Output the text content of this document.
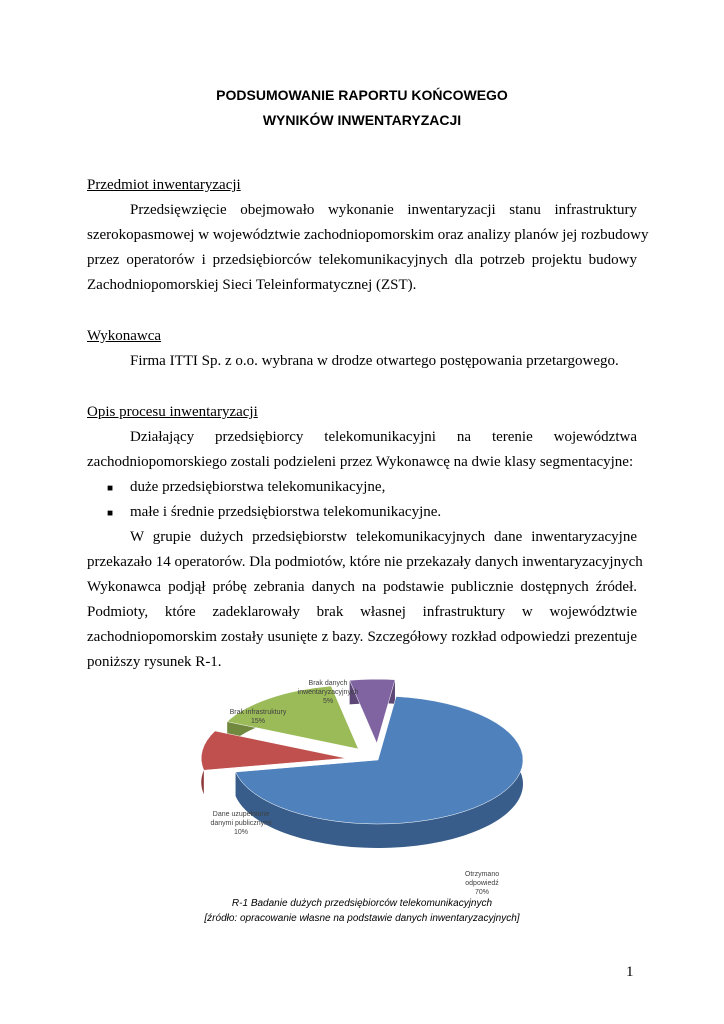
PODSUMOWANIE RAPORTU KOŃCOWEGO
WYNIKÓW INWENTARYZACJI
Przedmiot inwentaryzacji
Przedsięwzięcie obejmowało wykonanie inwentaryzacji stanu infrastruktury
szerokopasmowej w województwie zachodniopomorskim oraz analizy planów jej rozbudowy
przez operatorów i przedsiębiorców telekomunikacyjnych dla potrzeb projektu budowy
Zachodniopomorskiej Sieci Teleinformatycznej (ZST).
Wykonawca
Firma ITTI Sp. z o.o. wybrana w drodze otwartego postępowania przetargowego.
Opis procesu inwentaryzacji
Działający przedsiębiorcy telekomunikacyjni na terenie województwa
zachodniopomorskiego zostali podzieleni przez Wykonawcę na dwie klasy segmentacyjne:
■ duże przedsiębiorstwa telekomunikacyjne,
■ małe i średnie przedsiębiorstwa telekomunikacyjne.
W grupie dużych przedsiębiorstw telekomunikacyjnych dane inwentaryzacyjne
przekazało 14 operatorów. Dla podmiotów, które nie przekazały danych inwentaryzacyjnych
Wykonawca podjął próbę zebrania danych na podstawie publicznie dostępnych źródeł.
Podmioty, które zadeklarowały brak własnej infrastruktury w województwie
zachodniopomorskim zostały usunięte z bazy. Szczegółowy rozkład odpowiedzi prezentuje
poniższy rysunek R-1.
Otrzymano
odpowiedź
70%
Dane uzupełnione
danymi publicznymi
10%
Brak infrastruktury
15%
Brak danych
inwentaryzacyjnych
5%
R-1 Badanie dużych przedsiębiorców telekomunikacyjnych
[źródło: opracowanie własne na podstawie danych inwentaryzacyjnych]
1
